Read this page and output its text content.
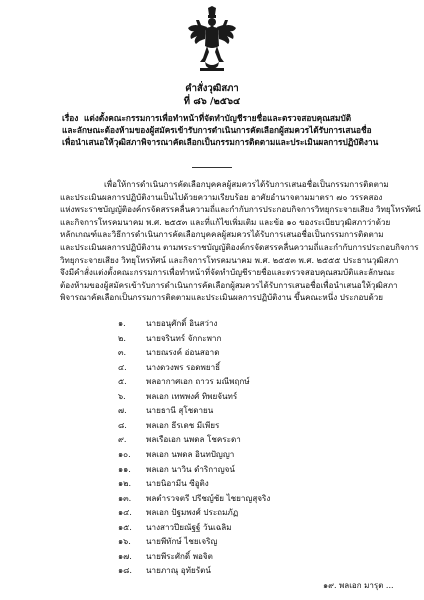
คำสั่งวุฒิสภา
ที่ ๘๖ /๒๕๖๔
เรื่อง แต่งตั้งคณะกรรมการเพื่อทำหน้าที่จัดทำบัญชีรายชื่อและตรวจสอบคุณสมบัติ
และลักษณะต้องห้ามของผู้สมัครเข้ารับการดำเนินการคัดเลือกผู้สมควรได้รับการเสนอชื่อ
เพื่อนำเสนอให้วุฒิสภาพิจารณาคัดเลือกเป็นกรรมการติดตามและประเมินผลการปฏิบัติงาน
เพื่อให้การดำเนินการคัดเลือกบุคคลผู้สมควรได้รับการเสนอชื่อเป็นกรรมการติดตาม
และประเมินผลการปฏิบัติงานเป็นไปด้วยความเรียบร้อย อาศัยอำนาจตามมาตรา ๗๐ วรรคสอง
แห่งพระราชบัญญัติองค์กรจัดสรรคลื่นความถี่และกำกับการประกอบกิจการวิทยุกระจายเสียง วิทยุโทรทัศน์
และกิจการโทรคมนาคม พ.ศ. ๒๕๕๓ และที่แก้ไขเพิ่มเติม และข้อ ๑๐ ของระเบียบวุฒิสภาว่าด้วย
หลักเกณฑ์และวิธีการดำเนินการคัดเลือกบุคคลผู้สมควรได้รับการเสนอชื่อเป็นกรรมการติดตาม
และประเมินผลการปฏิบัติงาน ตามพระราชบัญญัติองค์กรจัดสรรคลื่นความถี่และกำกับการประกอบกิจการ
วิทยุกระจายเสียง วิทยุโทรทัศน์ และกิจการโทรคมนาคม พ.ศ. ๒๕๕๓ พ.ศ. ๒๕๕๕ ประธานวุฒิสภา
จึงมีคำสั่งแต่งตั้งคณะกรรมการเพื่อทำหน้าที่จัดทำบัญชีรายชื่อและตรวจสอบคุณสมบัติและลักษณะ
ต้องห้ามของผู้สมัครเข้ารับการดำเนินการคัดเลือกผู้สมควรได้รับการเสนอชื่อเพื่อนำเสนอให้วุฒิสภา
พิจารณาคัดเลือกเป็นกรรมการติดตามและประเมินผลการปฏิบัติงาน ขึ้นคณะหนึ่ง ประกอบด้วย
๑.	นายอนุศักดิ์ อินสว่าง
๒. นายจรินทร์ จักกะพาก
๓. นายณรงค์ อ่อนสอาด
๔. นางดวงพร รอดพยาธิ์
๕. พลอากาศเอก ถาวร มณีพฤกษ์
๖.	พลเอก เทพพงศ์ ทิพยจันทร์
๗. นายธานี สุโชดายน
๘. พลเอก ธีรเดช มีเพียร
๙. พลเรือเอก นพดล โชคระดา
๑๐. พลเอก นพดล อินทปัญญา
๑๑. พลเอก นาวิน ดำริกาญจน์
๑๒. นายนิอามีน ซีอูติง
๑๓. พลตำรวจตรี ปรีชญ์ชัย ไชยาญสุจริง
๑๔. พลเอก ปัฐมพงศ์ ประถมภัฏ
๑๕. นางสาวปียณัฐฐ์ วันเฉลิม
๑๖. นายพีทักษ์ ไชยเจริญ
๑๗. นายพีระศักดิ์ พอจิต
๑๘. นายภาณุ อุทัยรัตน์
๑๙. พลเอก มารุต ...
